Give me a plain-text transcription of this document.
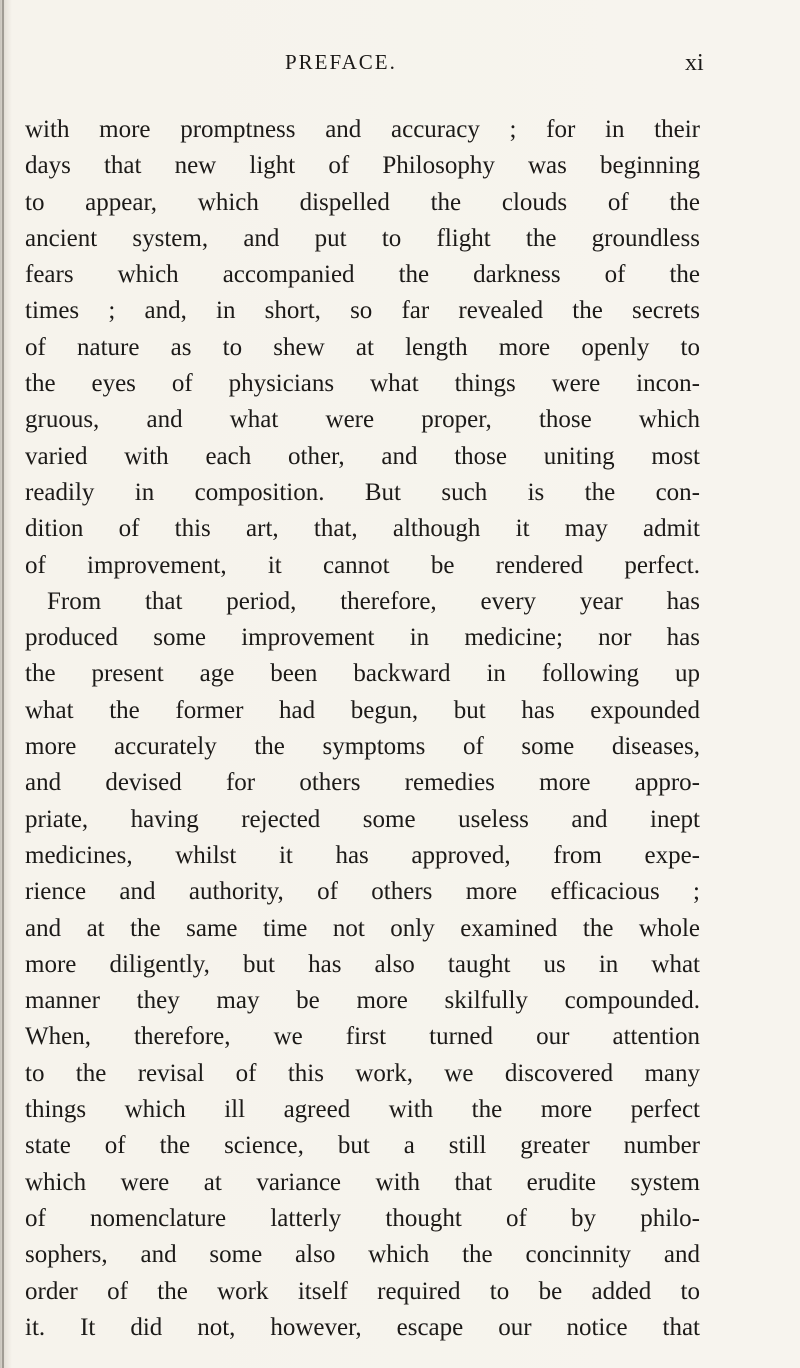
PREFACE.	xi
with more promptness and accuracy ; for in their
days that new light of Philosophy was beginning
to appear, which dispelled the clouds of the
ancient system, and put to flight the groundless
fears which accompanied the darkness of the
times ; and, in short, so far revealed the secrets
of nature as to shew at length more openly to
the eyes of physicians what things were incon-
gruous, and what were proper, those which
varied with each other, and those uniting most
readily in composition. But such is the con-
dition of this art, that, although it may admit
of improvement, it cannot be rendered perfect.
From that period, therefore, every year has
produced some improvement in medicine; nor has
the present age been backward in following up
what the former had begun, but has expounded
more accurately the symptoms of some diseases,
and devised for others remedies more appro-
priate, having rejected some useless and inept
medicines, whilst it has approved, from expe-
rience and authority, of others more efficacious ;
and at the same time not only examined the whole
more diligently, but has also taught us in what
manner they may be more skilfully compounded.
When, therefore, we first turned our attention
to the revisal of this work, we discovered many
things which ill agreed with the more perfect
state of the science, but a still greater number
which were at variance with that erudite system
of nomenclature latterly thought of by philo-
sophers, and some also which the concinnity and
order of the work itself required to be added to
it. It did not, however, escape our notice that
